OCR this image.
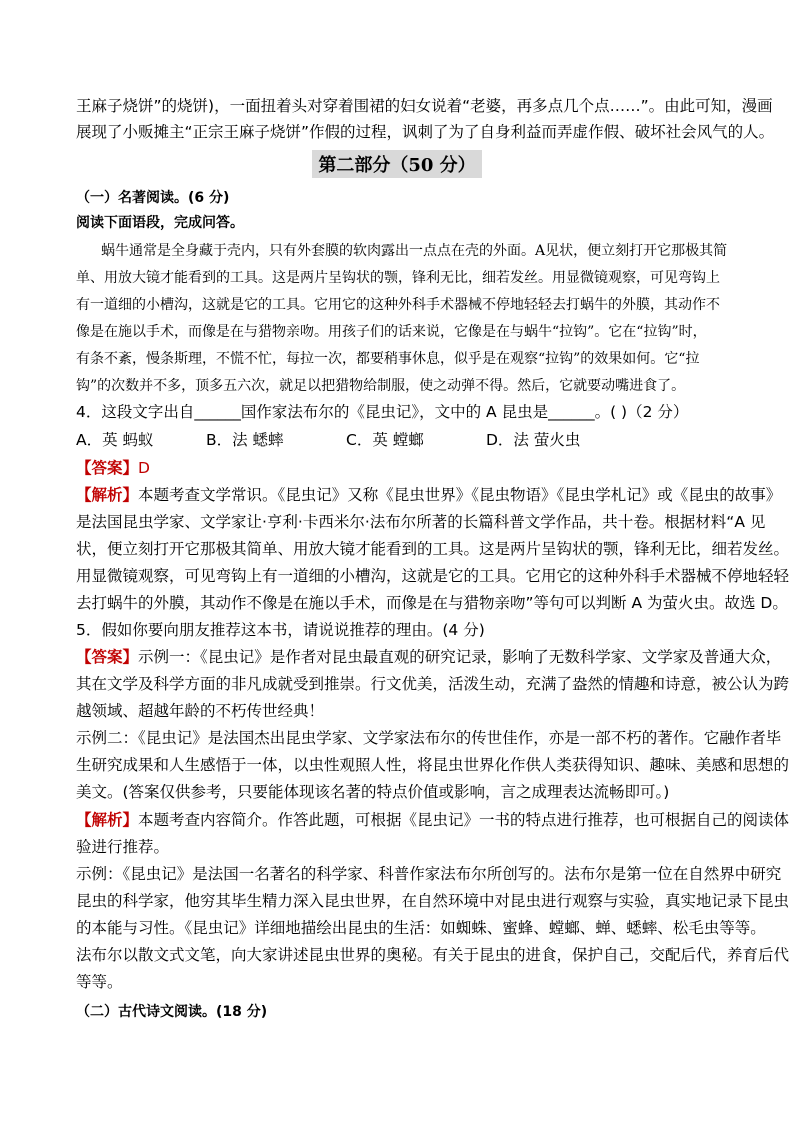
王麻子烧饼”的烧饼)，一面扭着头对穿着围裙的妇女说着“老婆，再多点几个点……”。由此可知，漫画
展现了小贩摊主“正宗王麻子烧饼”作假的过程，讽刺了为了自身利益而弄虚作假、破坏社会风气的人。
第二部分（50 分）
（一）名著阅读。(6 分)
阅读下面语段，完成问答。
蜗牛通常是全身藏于壳内，只有外套膜的软肉露出一点点在壳的外面。A见状，便立刻打开它那极其简
单、用放大镜才能看到的工具。这是两片呈钩状的颚，锋利无比，细若发丝。用显微镜观察，可见弯钩上
有一道细的小槽沟，这就是它的工具。它用它的这种外科手术器械不停地轻轻去打蜗牛的外膜，其动作不
像是在施以手术，而像是在与猎物亲吻。用孩子们的话来说，它像是在与蜗牛“拉钩”。它在“拉钩”时，
有条不紊，慢条斯理，不慌不忙，每拉一次，都要稍事休息，似乎是在观察“拉钩”的效果如何。它“拉
钩”的次数并不多，顶多五六次，就足以把猎物给制服，使之动弹不得。然后，它就要动嘴进食了。
4．这段文字出自______国作家法布尔的《昆虫记》，文中的 A 昆虫是______。( )（2 分）
A．英 蚂蚁	B．法 蟋蟀	C．英 螳螂	D．法 萤火虫
【答案】D
【解析】本题考查文学常识。《昆虫记》又称《昆虫世界》《昆虫物语》《昆虫学札记》或《昆虫的故事》
是法国昆虫学家、文学家让·亨利·卡西米尔·法布尔所著的长篇科普文学作品，共十卷。根据材料“A 见
状，便立刻打开它那极其简单、用放大镜才能看到的工具。这是两片呈钩状的颚，锋利无比，细若发丝。
用显微镜观察，可见弯钩上有一道细的小槽沟，这就是它的工具。它用它的这种外科手术器械不停地轻轻
去打蜗牛的外膜，其动作不像是在施以手术，而像是在与猎物亲吻”等句可以判断 A 为萤火虫。故选 D。
5．假如你要向朋友推荐这本书，请说说推荐的理由。(4 分)
【答案】示例一：《昆虫记》是作者对昆虫最直观的研究记录，影响了无数科学家、文学家及普通大众，
其在文学及科学方面的非凡成就受到推崇。行文优美，活泼生动，充满了盎然的情趣和诗意，被公认为跨
越领域、超越年龄的不朽传世经典！
示例二：《昆虫记》是法国杰出昆虫学家、文学家法布尔的传世佳作，亦是一部不朽的著作。它融作者毕
生研究成果和人生感悟于一体，以虫性观照人性，将昆虫世界化作供人类获得知识、趣味、美感和思想的
美文。(答案仅供参考，只要能体现该名著的特点价值或影响，言之成理表达流畅即可。)
【解析】本题考查内容简介。作答此题，可根据《昆虫记》一书的特点进行推荐，也可根据自己的阅读体
验进行推荐。
示例：《昆虫记》是法国一名著名的科学家、科普作家法布尔所创写的。法布尔是第一位在自然界中研究
昆虫的科学家，他穷其毕生精力深入昆虫世界，在自然环境中对昆虫进行观察与实验，真实地记录下昆虫
的本能与习性。《昆虫记》详细地描绘出昆虫的生活：如蜘蛛、蜜蜂、螳螂、蝉、蟋蟀、松毛虫等等。
法布尔以散文式文笔，向大家讲述昆虫世界的奥秘。有关于昆虫的进食，保护自己，交配后代，养育后代
等等。
（二）古代诗文阅读。(18 分)
